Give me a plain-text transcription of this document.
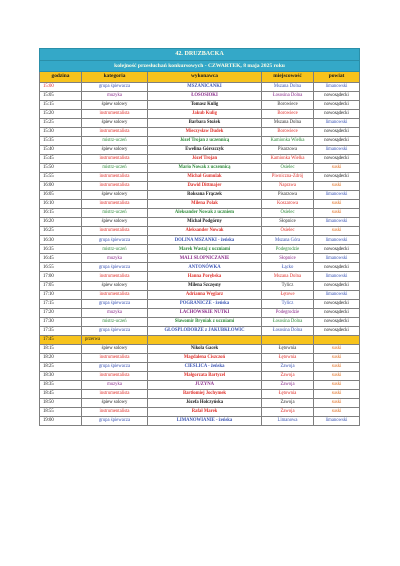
42. DRUZBACKA				
kolejność przesłuchań konkursowych - CZWARTEK, 8 maja 2025 roku				
godzina	kategoria	wykonawca	miejscowość	powiat
15:00	grupa śpiewacza	MSZANICANKI	Mszana Dolna	limanowski
15:05	muzyka	ŁOSOSIOKI	Łososina Dolna	nowosądecki
15:15	śpiew solowy	Tomasz Kulig	Borowiece	nowosądecki
15:20	instrumentalista	Jakub Kulig	Borowiece	nowosądecki
15:25	śpiew solowy	Barbara Stożek	Mszana Dolna	limanowski
15:30	instrumentalista	Mieczysław Dudek	Borowiece	nowosądecki
15:35	mistrz-uczeń	Józef Trojan z uczennicą	Kamionka Wielka	nowosądecki
15:40	śpiew solowy	Ewelina Górszczyk	Pisarzowa	limanowski
15:45	instrumentalista	Józef Trojan	Kamionka Wielka	nowosądecki
15:50	mistrz-uczeń	Mario Nowak z uczennicą	Osielec	suski
15:55	instrumentalista	Michał Gumulak	Piwniczna-Zdrój	nowosądecki
16:00	instrumentalista	Dawid Dittmajer	Naprawa	suski
16:05	śpiew solowy	Roksana Frączek	Pisarzowa	limanowski
16:10	instrumentalista	Milena Polak	Koszarowa	suski
16:15	mistrz-uczeń	Aleksander Nowak z uczniem	Osielec	suski
16:20	śpiew solowy	Michał Podgórny	Słopnice	limanowski
16:25	instrumentalista	Aleksander Nowak	Osielec	suski
16:30	grupa śpiewacza	DOLINA MSZANKI - żeńska	Mszana Góra	limanowski
16:35	mistrz-uczeń	Marek Wastaj z uczniami	Podegrodzie	nowosądecki
16:45	muzyka	MALI SŁOPNICZANIE	Słopnice	limanowski
16:55	grupa śpiewacza	ANTONÓWKA	Łącko	nowosądecki
17:00	instrumentalista	Hanna Porębska	Mszana Dolna	limanowski
17:05	śpiew solowy	Milena Szczęsny	Tylicz	nowosądecki
17:10	instrumentalista	Adrianna Węglarz	Łętowe	limanowski
17:15	grupa śpiewacza	POGRANICZE - żeńska	Tylicz	nowosądecki
17:20	muzyka	LACHOWSKIE NUTKI	Podegrodzie	nowosądecki
17:30	mistrz-uczeń	Sławomir Bryniak z uczniami	Łososina Dolna	nowosądecki
17:35	grupa śpiewacza	GŁOSPLODORZE z JAKUBKŁOWIC	Łososina Dolna	nowosądecki
17:45	przerwa			
18:15	śpiew solowy	Nikola Gacek	Łętownia	suski
18:20	instrumentalista	Magdalena Ciszczoń	Łętownia	suski
18:25	grupa śpiewacza	CIEŚLICA - żeńska	Zawoja	suski
18:30	instrumentalista	Małgorzata Bartyzel	Zawoja	suski
18:35	muzyka	JUZYNA	Zawoja	suski
18:45	instrumentalista	Bartłomiej Jochymek	Łętownia	suski
18:50	śpiew solowy	Józefa Holczyńska	Zawoja	suski
18:55	instrumentalista	Rafał Marek	Zawoja	suski
19:00	grupa śpiewacza	LIMANOWIANIE - żeńska	Limanowa	limanowski
